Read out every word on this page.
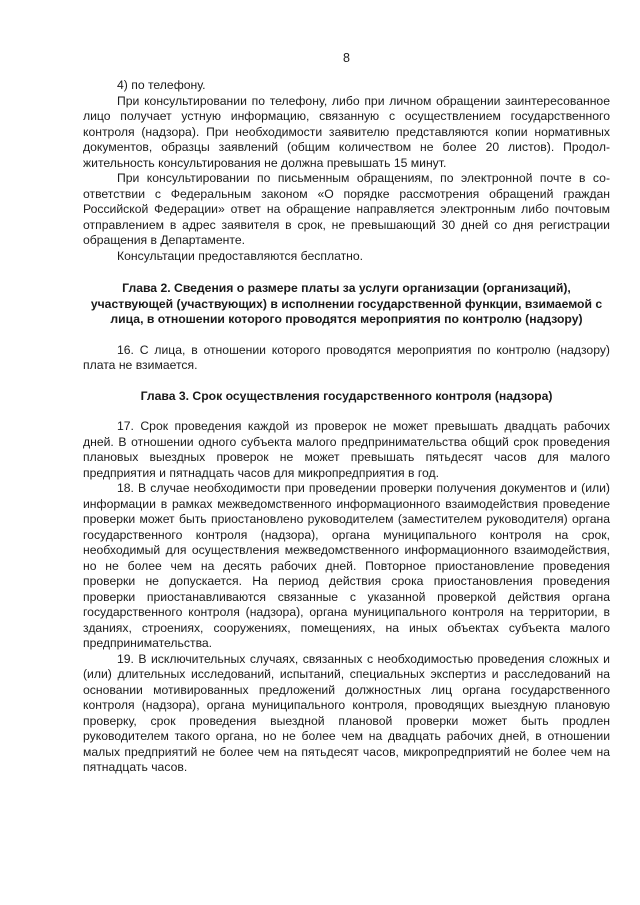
8

4) по телефону.

При консультировании по телефону, либо при личном обращении заинтересованное лицо получает устную информацию, связанную с осуществлением государственного контроля (надзора). При необходимости заявителю представляются копии нормативных документов, образцы заявлений (общим количеством не более 20 листов). Продолжительность консультирования не должна превышать 15 минут.

При консультировании по письменным обращениям, по электронной почте в соответствии с Федеральным законом «О порядке рассмотрения обращений граждан Российской Федерации» ответ на обращение направляется электронным либо почтовым отправлением в адрес заявителя в срок, не превышающий 30 дней со дня регистрации обращения в Департаменте.

Консультации предоставляются бесплатно.

Глава 2. Сведения о размере платы за услуги организации (организаций), участвующей (участвующих) в исполнении государственной функции, взимаемой с лица, в отношении которого проводятся мероприятия по контролю (надзору)

16. С лица, в отношении которого проводятся мероприятия по контролю (надзору) плата не взимается.

Глава 3. Срок осуществления государственного контроля (надзора)

17. Срок проведения каждой из проверок не может превышать двадцать рабочих дней. В отношении одного субъекта малого предпринимательства общий срок проведения плановых выездных проверок не может превышать пятьдесят часов для малого предприятия и пятнадцать часов для микропредприятия в год.

18. В случае необходимости при проведении проверки получения документов и (или) информации в рамках межведомственного информационного взаимодействия проведение проверки может быть приостановлено руководителем (заместителем руководителя) органа государственного контроля (надзора), органа муниципального контроля на срок, необходимый для осуществления межведомственного информационного взаимодействия, но не более чем на десять рабочих дней. Повторное приостановление проведения проверки не допускается. На период действия срока приостановления проведения проверки приостанавливаются связанные с указанной проверкой действия органа государственного контроля (надзора), органа муниципального контроля на территории, в зданиях, строениях, сооружениях, помещениях, на иных объектах субъекта малого предпринимательства.

19. В исключительных случаях, связанных с необходимостью проведения сложных и (или) длительных исследований, испытаний, специальных экспертиз и расследований на основании мотивированных предложений должностных лиц органа государственного контроля (надзора), органа муниципального контроля, проводящих выездную плановую проверку, срок проведения выездной плановой проверки может быть продлен руководителем такого органа, но не более чем на двадцать рабочих дней, в отношении малых предприятий не более чем на пятьдесят часов, микропредприятий не более чем на пятнадцать часов.
